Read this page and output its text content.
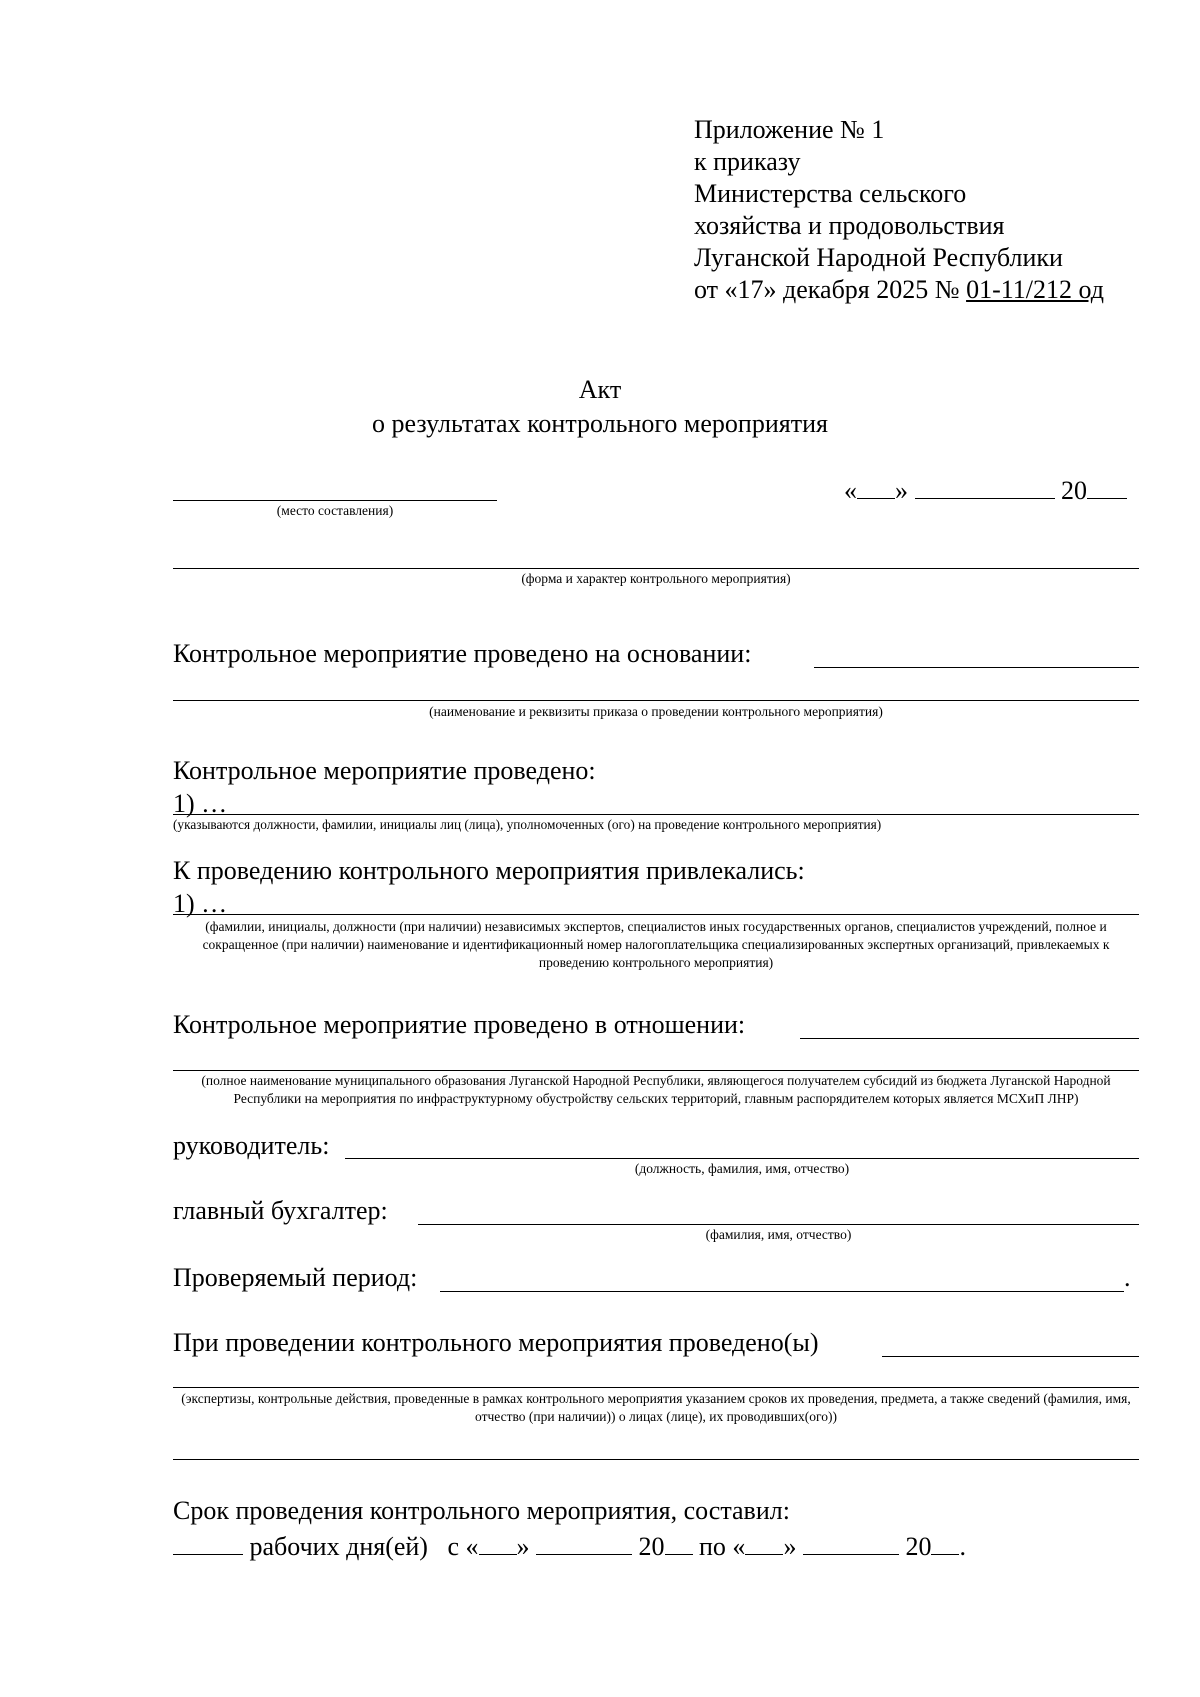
Приложение № 1
к приказу
Министерства сельского
хозяйства и продовольствия
Луганской Народной Республики
от «17» декабря 2025 № 01-11/212 од
Акт
о результатах контрольного мероприятия
(место составления)
« »	20
(форма и характер контрольного мероприятия)
Контрольное мероприятие проведено на основании:
(наименование и реквизиты приказа о проведении контрольного мероприятия)
Контрольное мероприятие проведено:
1) …
(указываются должности, фамилии, инициалы лиц (лица), уполномоченных (ого) на проведение контрольного мероприятия)
К проведению контрольного мероприятия привлекались:
1) …
(фамилии, инициалы, должности (при наличии) независимых экспертов, специалистов иных государственных органов, специалистов учреждений, полное и сокращенное (при наличии) наименование и идентификационный номер налогоплательщика специализированных экспертных организаций, привлекаемых к проведению контрольного мероприятия)
Контрольное мероприятие проведено в отношении:
(полное наименование муниципального образования Луганской Народной Республики, являющегося получателем субсидий из бюджета Луганской Народной Республики на мероприятия по инфраструктурному обустройству сельских территорий, главным распорядителем которых является МСХиП ЛНР)
руководитель:
(должность, фамилия, имя, отчество)
главный бухгалтер:
(фамилия, имя, отчество)
Проверяемый период:	.
При проведении контрольного мероприятия проведено(ы)
(экспертизы, контрольные действия, проведенные в рамках контрольного мероприятия указанием сроков их проведения, предмета, а также сведений (фамилия, имя, отчество (при наличии)) о лицах (лице), их проводивших(ого))
Срок проведения контрольного мероприятия, составил:
рабочих дня(ей) с « »	20 по « »	20 .
